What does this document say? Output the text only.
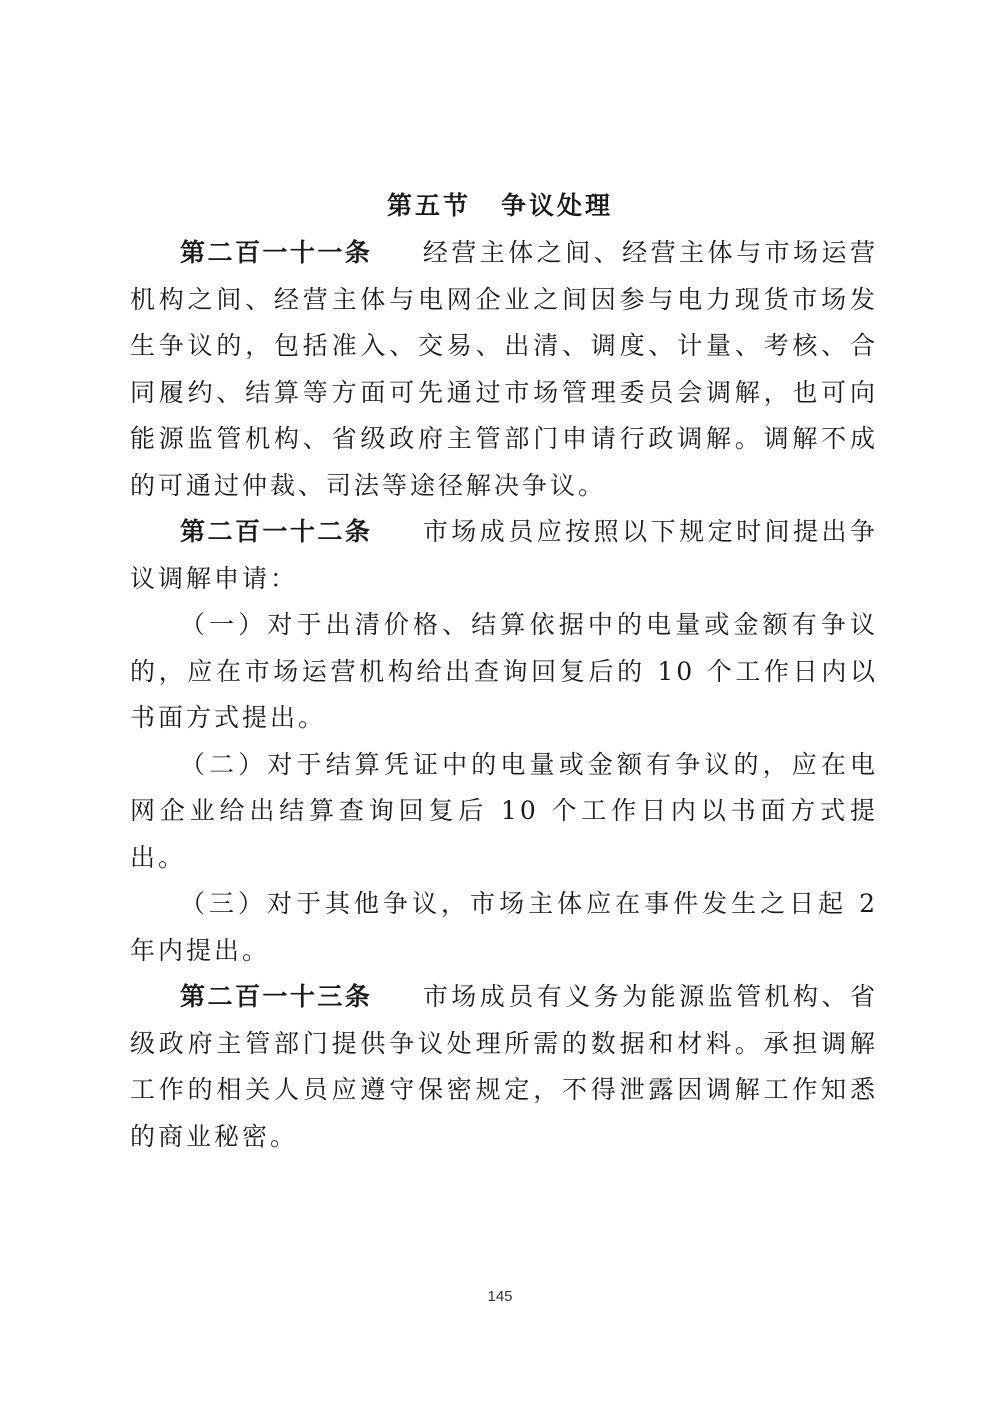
第五节 争议处理

第二百一十一条 经营主体之间、经营主体与市场运营机构之间、经营主体与电网企业之间因参与电力现货市场发生争议的，包括准入、交易、出清、调度、计量、考核、合同履约、结算等方面可先通过市场管理委员会调解，也可向能源监管机构、省级政府主管部门申请行政调解。调解不成的可通过仲裁、司法等途径解决争议。

第二百一十二条 市场成员应按照以下规定时间提出争议调解申请：

（一）对于出清价格、结算依据中的电量或金额有争议的，应在市场运营机构给出查询回复后的 10 个工作日内以书面方式提出。

（二）对于结算凭证中的电量或金额有争议的，应在电网企业给出结算查询回复后 10 个工作日内以书面方式提出。

（三）对于其他争议，市场主体应在事件发生之日起 2 年内提出。

第二百一十三条 市场成员有义务为能源监管机构、省级政府主管部门提供争议处理所需的数据和材料。承担调解工作的相关人员应遵守保密规定，不得泄露因调解工作知悉的商业秘密。

145
